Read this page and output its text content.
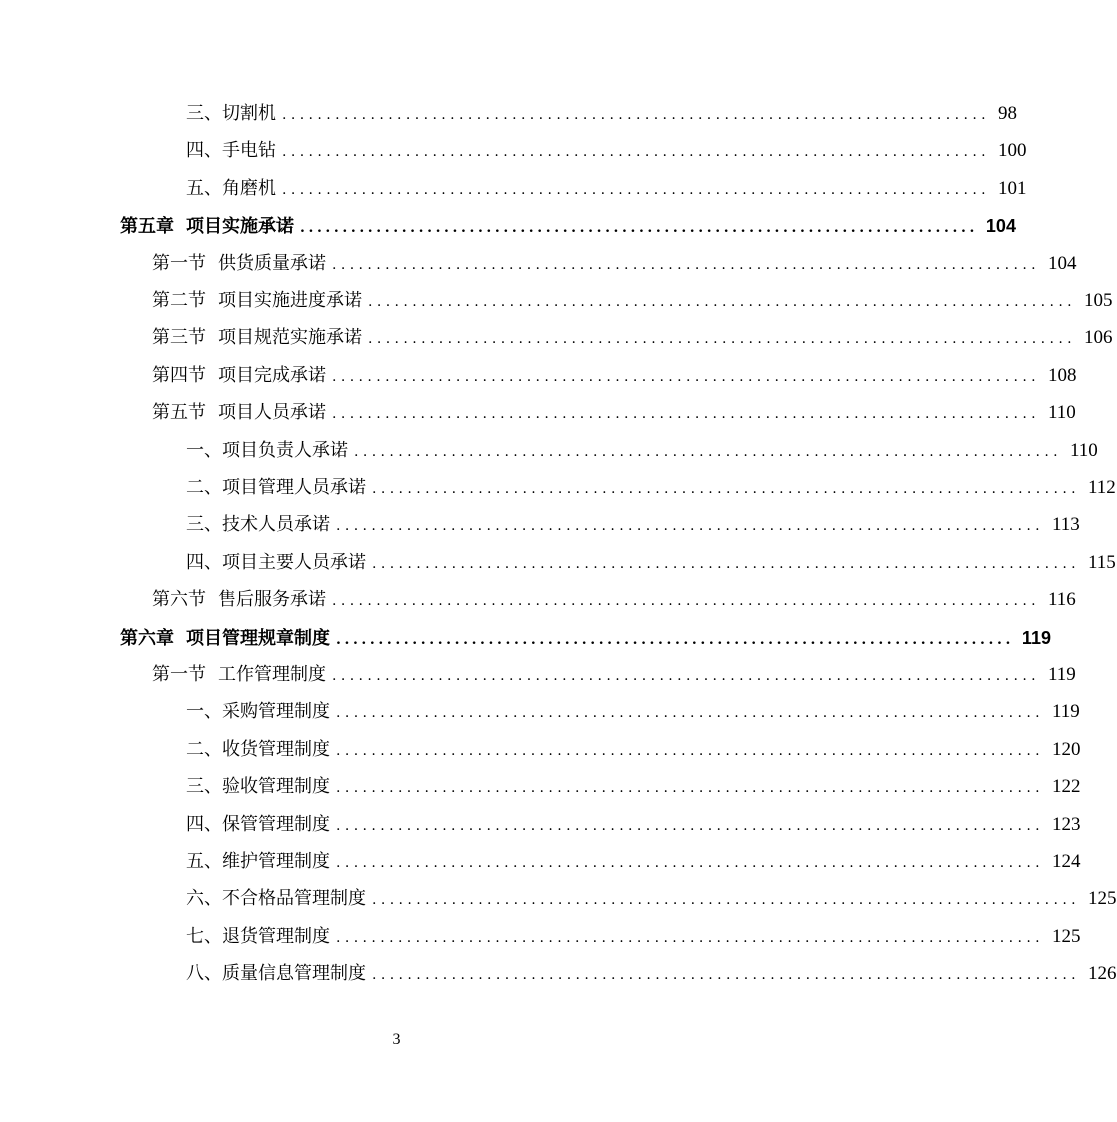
三、切割机 ................................................................................ 98
四、手电钻 ................................................................................ 100
五、角磨机 ................................................................................ 101
第五章 项目实施承诺 ................................................................................ 104
第一节 供货质量承诺 ................................................................................ 104
第二节 项目实施进度承诺 ................................................................................ 105
第三节 项目规范实施承诺 ................................................................................ 106
第四节 项目完成承诺 ................................................................................ 108
第五节 项目人员承诺 ................................................................................ 110
一、项目负责人承诺 ................................................................................ 110
二、项目管理人员承诺 ................................................................................ 112
三、技术人员承诺 ................................................................................ 113
四、项目主要人员承诺 ................................................................................ 115
第六节 售后服务承诺 ................................................................................ 116
第六章 项目管理规章制度 ................................................................................ 119
第一节 工作管理制度 ................................................................................ 119
一、采购管理制度 ................................................................................ 119
二、收货管理制度 ................................................................................ 120
三、验收管理制度 ................................................................................ 122
四、保管管理制度 ................................................................................ 123
五、维护管理制度 ................................................................................ 124
六、不合格品管理制度 ................................................................................ 125
七、退货管理制度 ................................................................................ 125
八、质量信息管理制度 ................................................................................ 126
3
